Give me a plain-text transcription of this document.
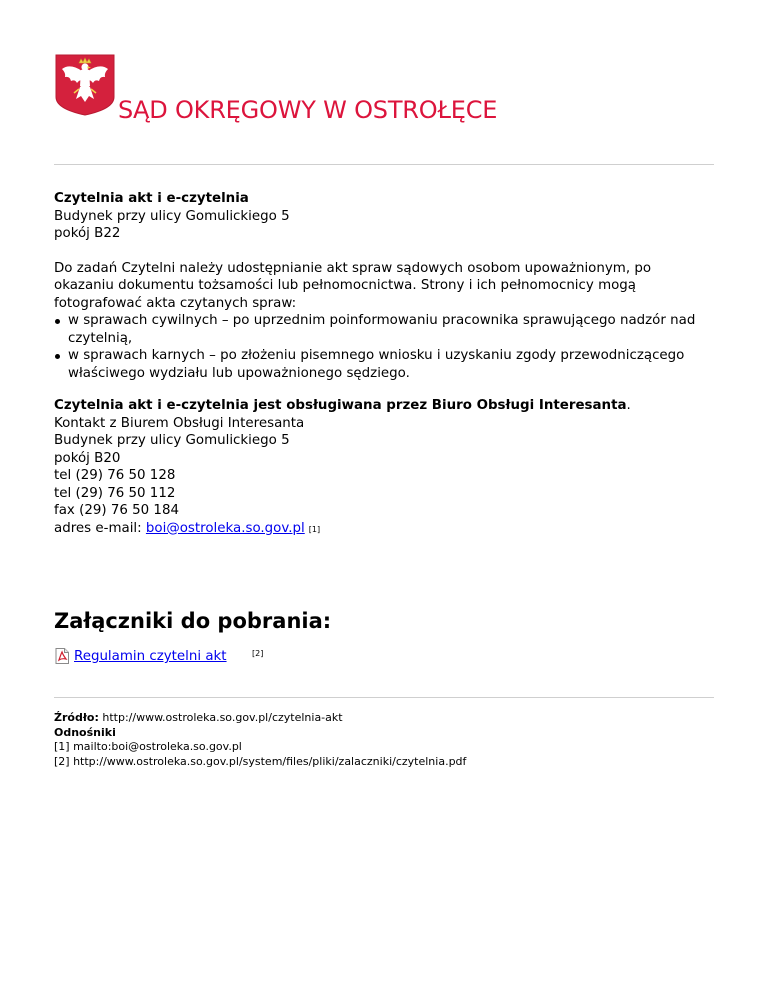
SĄD OKRĘGOWY W OSTROŁĘCE

Czytelnia akt i e-czytelnia

Budynek przy ulicy Gomulickiego 5

pokój B22

Do zadań Czytelni należy udostępnianie akt spraw sądowych osobom upoważnionym, po okazaniu dokumentu tożsamości lub pełnomocnictwa. Strony i ich pełnomocnicy mogą fotografować akta czytanych spraw:

w sprawach cywilnych – po uprzednim poinformowaniu pracownika sprawującego nadzór nad czytelnią,
w sprawach karnych – po złożeniu pisemnego wniosku i uzyskaniu zgody przewodniczącego właściwego wydziału lub upoważnionego sędziego.

Czytelnia akt i e-czytelnia jest obsługiwana przez Biuro Obsługi Interesanta.

Kontakt z Biurem Obsługi Interesanta

Budynek przy ulicy Gomulickiego 5

pokój B20

tel (29) 76 50 128

tel (29) 76 50 112

fax (29) 76 50 184

adres e-mail: boi@ostroleka.so.gov.pl [1]

Załączniki do pobrania:
Regulamin czytelni akt	[2]

Źródło: http://www.ostroleka.so.gov.pl/czytelnia-akt

Odnośniki

[1] mailto:boi@ostroleka.so.gov.pl

[2] http://www.ostroleka.so.gov.pl/system/files/pliki/zalaczniki/czytelnia.pdf
